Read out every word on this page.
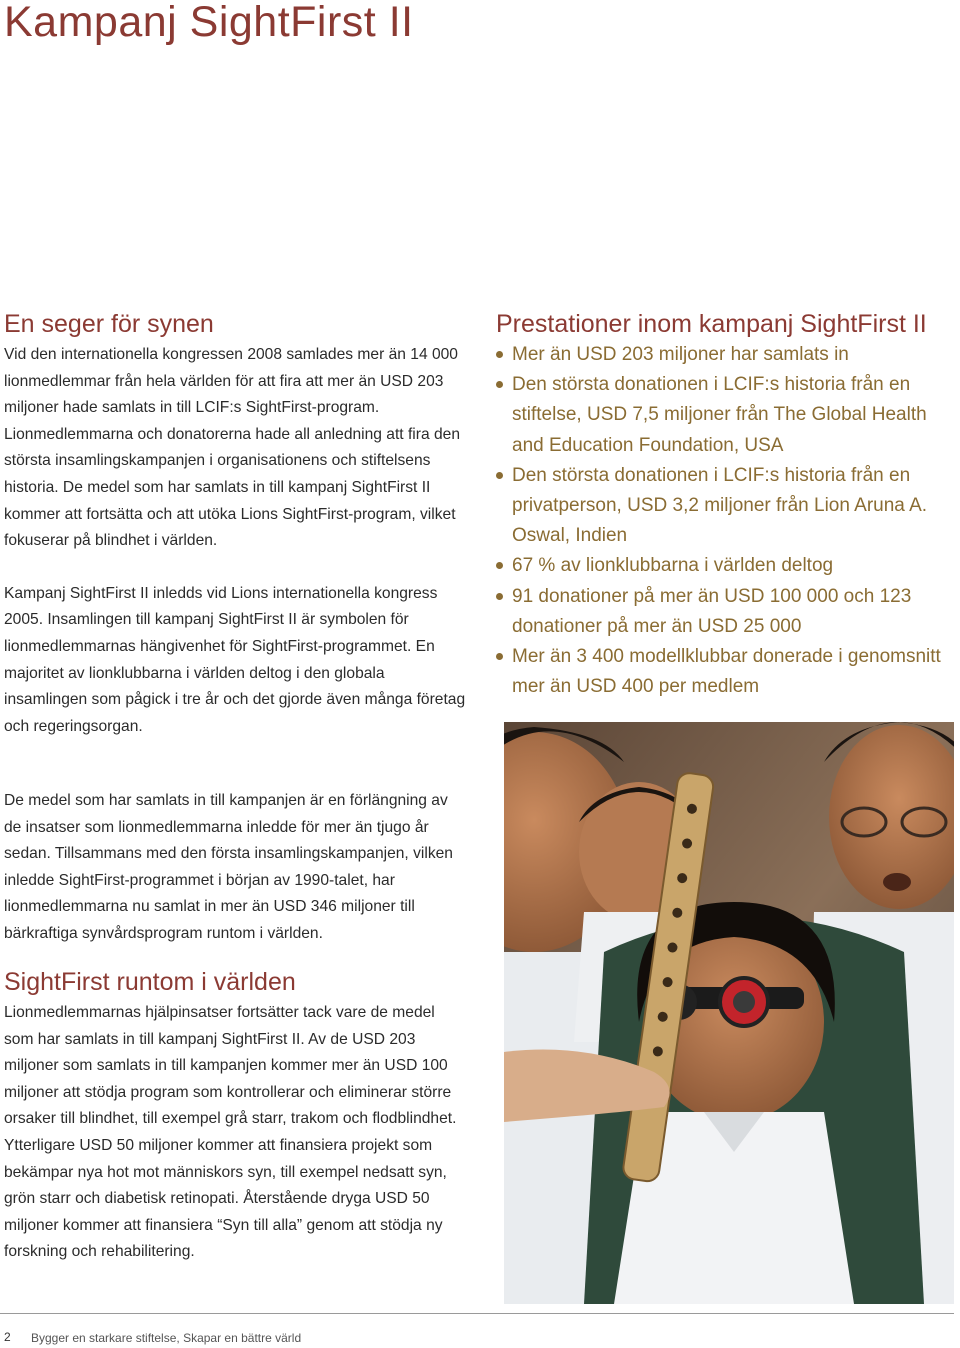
Kampanj SightFirst II
En seger för synen

Vid den internationella kongressen 2008 samlades mer än 14 000 lionmedlemmar från hela världen för att fira att mer än USD 203 miljoner hade samlats in till LCIF:s SightFirst-program. Lionmedlemmarna och donatorerna hade all anledning att fira den största insamlingskampanjen i organisationens och stiftelsens historia. De medel som har samlats in till kampanj SightFirst II kommer att fortsätta och att utöka Lions SightFirst-program, vilket fokuserar på blindhet i världen.

Kampanj SightFirst II inledds vid Lions internationella kongress 2005. Insamlingen till kampanj SightFirst II är symbolen för lionmedlemmarnas hängivenhet för SightFirst-programmet. En majoritet av lionklubbarna i världen deltog i den globala insamlingen som pågick i tre år och det gjorde även många företag och regeringsorgan.

De medel som har samlats in till kampanjen är en förlängning av de insatser som lionmedlemmarna inledde för mer än tjugo år sedan. Tillsammans med den första insamlingskampanjen, vilken inledde SightFirst-programmet i början av 1990-talet, har lionmedlemmarna nu samlat in mer än USD 346 miljoner till bärkraftiga synvårdsprogram runtom i världen.

SightFirst runtom i världen

Lionmedlemmarnas hjälpinsatser fortsätter tack vare de medel som har samlats in till kampanj SightFirst II. Av de USD 203 miljoner som samlats in till kampanjen kommer mer än USD 100 miljoner att stödja program som kontrollerar och eliminerar större orsaker till blindhet, till exempel grå starr, trakom och flodblindhet. Ytterligare USD 50 miljoner kommer att finansiera projekt som bekämpar nya hot mot människors syn, till exempel nedsatt syn, grön starr och diabetisk retinopati. Återstående dryga USD 50 miljoner kommer att finansiera “Syn till alla” genom att stödja ny forskning och rehabilitering.

Prestationer inom kampanj SightFirst II
Mer än USD 203 miljoner har samlats in
Den största donationen i LCIF:s historia från en stiftelse, USD 7,5 miljoner från The Global Health and Education Foundation, USA
Den största donationen i LCIF:s historia från en privatperson, USD 3,2 miljoner från Lion Aruna A. Oswal, Indien
67 % av lionklubbarna i världen deltog
91 donationer på mer än USD 100 000 och 123 donationer på mer än USD 25 000
Mer än 3 400 modellklubbar donerade i genomsnitt mer än USD 400 per medlem
2 Bygger en starkare stiftelse, Skapar en bättre värld
